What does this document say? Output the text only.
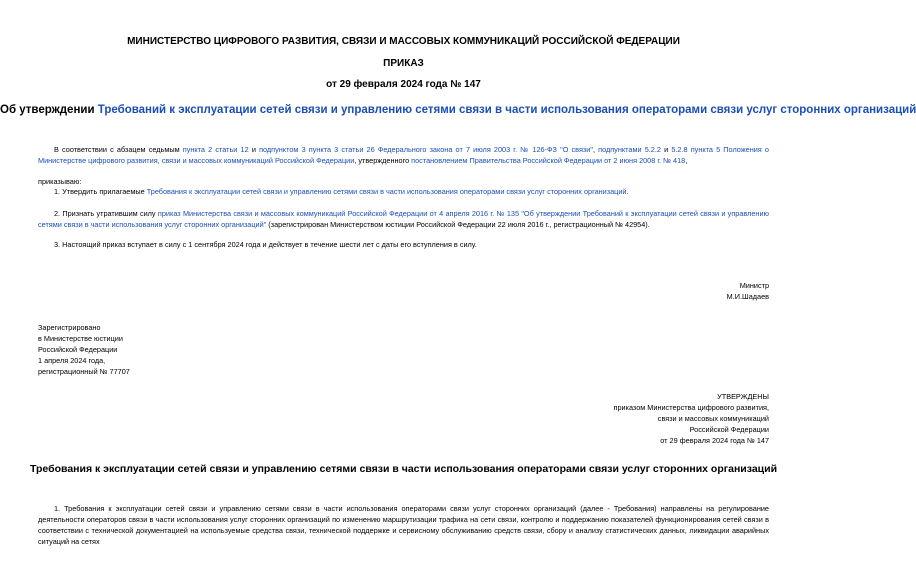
МИНИСТЕРСТВО ЦИФРОВОГО РАЗВИТИЯ, СВЯЗИ И МАССОВЫХ КОММУНИКАЦИЙ РОССИЙСКОЙ ФЕДЕРАЦИИ
ПРИКАЗ
от 29 февраля 2024 года № 147
Об утверждении Требований к эксплуатации сетей связи и управлению сетями связи в части использования операторами связи услуг сторонних организаций
В соответствии с абзацем седьмым пункта 2 статьи 12 и подпунктом 3 пункта 3 статьи 26 Федерального закона от 7 июля 2003 г. № 126-ФЗ "О связи", подпунктами 5.2.2 и 5.2.8 пункта 5 Положения о Министерстве цифрового развития, связи и массовых коммуникаций Российской Федерации, утвержденного постановлением Правительства Российской Федерации от 2 июня 2008 г. № 418,
приказываю:
1. Утвердить прилагаемые Требования к эксплуатации сетей связи и управлению сетями связи в части использования операторами связи услуг сторонних организаций.
2. Признать утратившим силу приказ Министерства связи и массовых коммуникаций Российской Федерации от 4 апреля 2016 г. № 135 "Об утверждении Требований к эксплуатации сетей связи и управлению сетями связи в части использования услуг сторонних организаций" (зарегистрирован Министерством юстиции Российской Федерации 22 июля 2016 г., регистрационный № 42954).
3. Настоящий приказ вступает в силу с 1 сентября 2024 года и действует в течение шести лет с даты его вступления в силу.
Министр
М.И.Шадаев
Зарегистрировано
в Министерстве юстиции
Российской Федерации
1 апреля 2024 года,
регистрационный № 77707
УТВЕРЖДЕНЫ
приказом Министерства цифрового развития,
связи и массовых коммуникаций
Российской Федерации
от 29 февраля 2024 года № 147
Требования к эксплуатации сетей связи и управлению сетями связи в части использования операторами связи услуг сторонних организаций
1. Требования к эксплуатации сетей связи и управлению сетями связи в части использования операторами связи услуг сторонних организаций (далее - Требования) направлены на регулирование деятельности операторов связи в части использования услуг сторонних организаций по изменению маршрутизации трафика на сети связи, контролю и поддержанию показателей функционирования сетей связи в соответствии с технической документацией на используемые средства связи, технической поддержке и сервисному обслуживанию средств связи, сбору и анализу статистических данных, ликвидации аварийных ситуаций на сетях
